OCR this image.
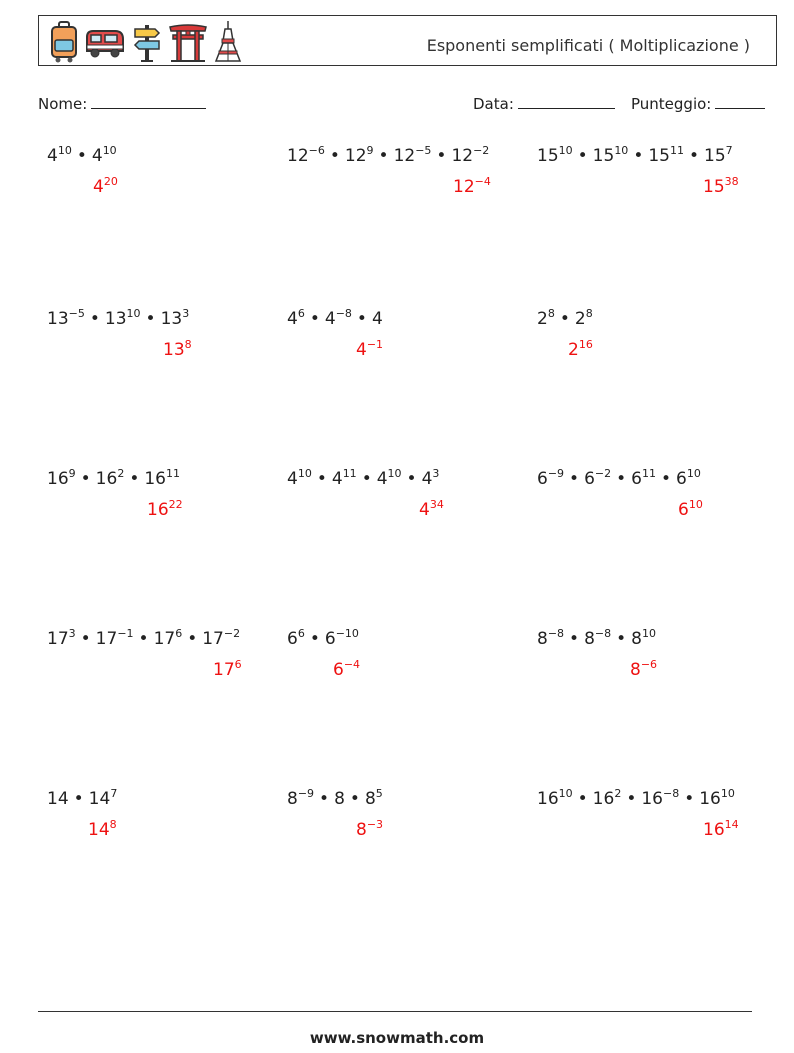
Esponenti semplificati ( Moltiplicazione )
Nome:	Data:	Punteggio:
$4^{10}$ • $4^{10}$
$4^{20}$
$12^{-6}$ • $12^9$ • $12^{-5}$ • $12^{-2}$
$12^{-4}$
$15^{10}$ • $15^{10}$ • $15^{11}$ • $15^7$
$15^{38}$
$13^{-5}$ • $13^{10}$ • $13^3$
$13^8$
$4^6$ • $4^{-8}$ • 4
$4^{-1}$
$2^8$ • $2^8$
$2^{16}$
$16^9$ • $16^2$ • $16^{11}$
$16^{22}$
$4^{10}$ • $4^{11}$ • $4^{10}$ • $4^3$
$4^{34}$
$6^{-9}$ • $6^{-2}$ • $6^{11}$ • $6^{10}$
$6^{10}$
$17^3$ • $17^{-1}$ • $17^6$ • $17^{-2}$
$17^6$
$6^6$ • $6^{-10}$
$6^{-4}$
$8^{-8}$ • $8^{-8}$ • $8^{10}$
$8^{-6}$
14 • $14^7$
$14^8$
$8^{-9}$ • 8 • $8^5$
$8^{-3}$
$16^{10}$ • $16^2$ • $16^{-8}$ • $16^{10}$
$16^{14}$
www.snowmath.com
